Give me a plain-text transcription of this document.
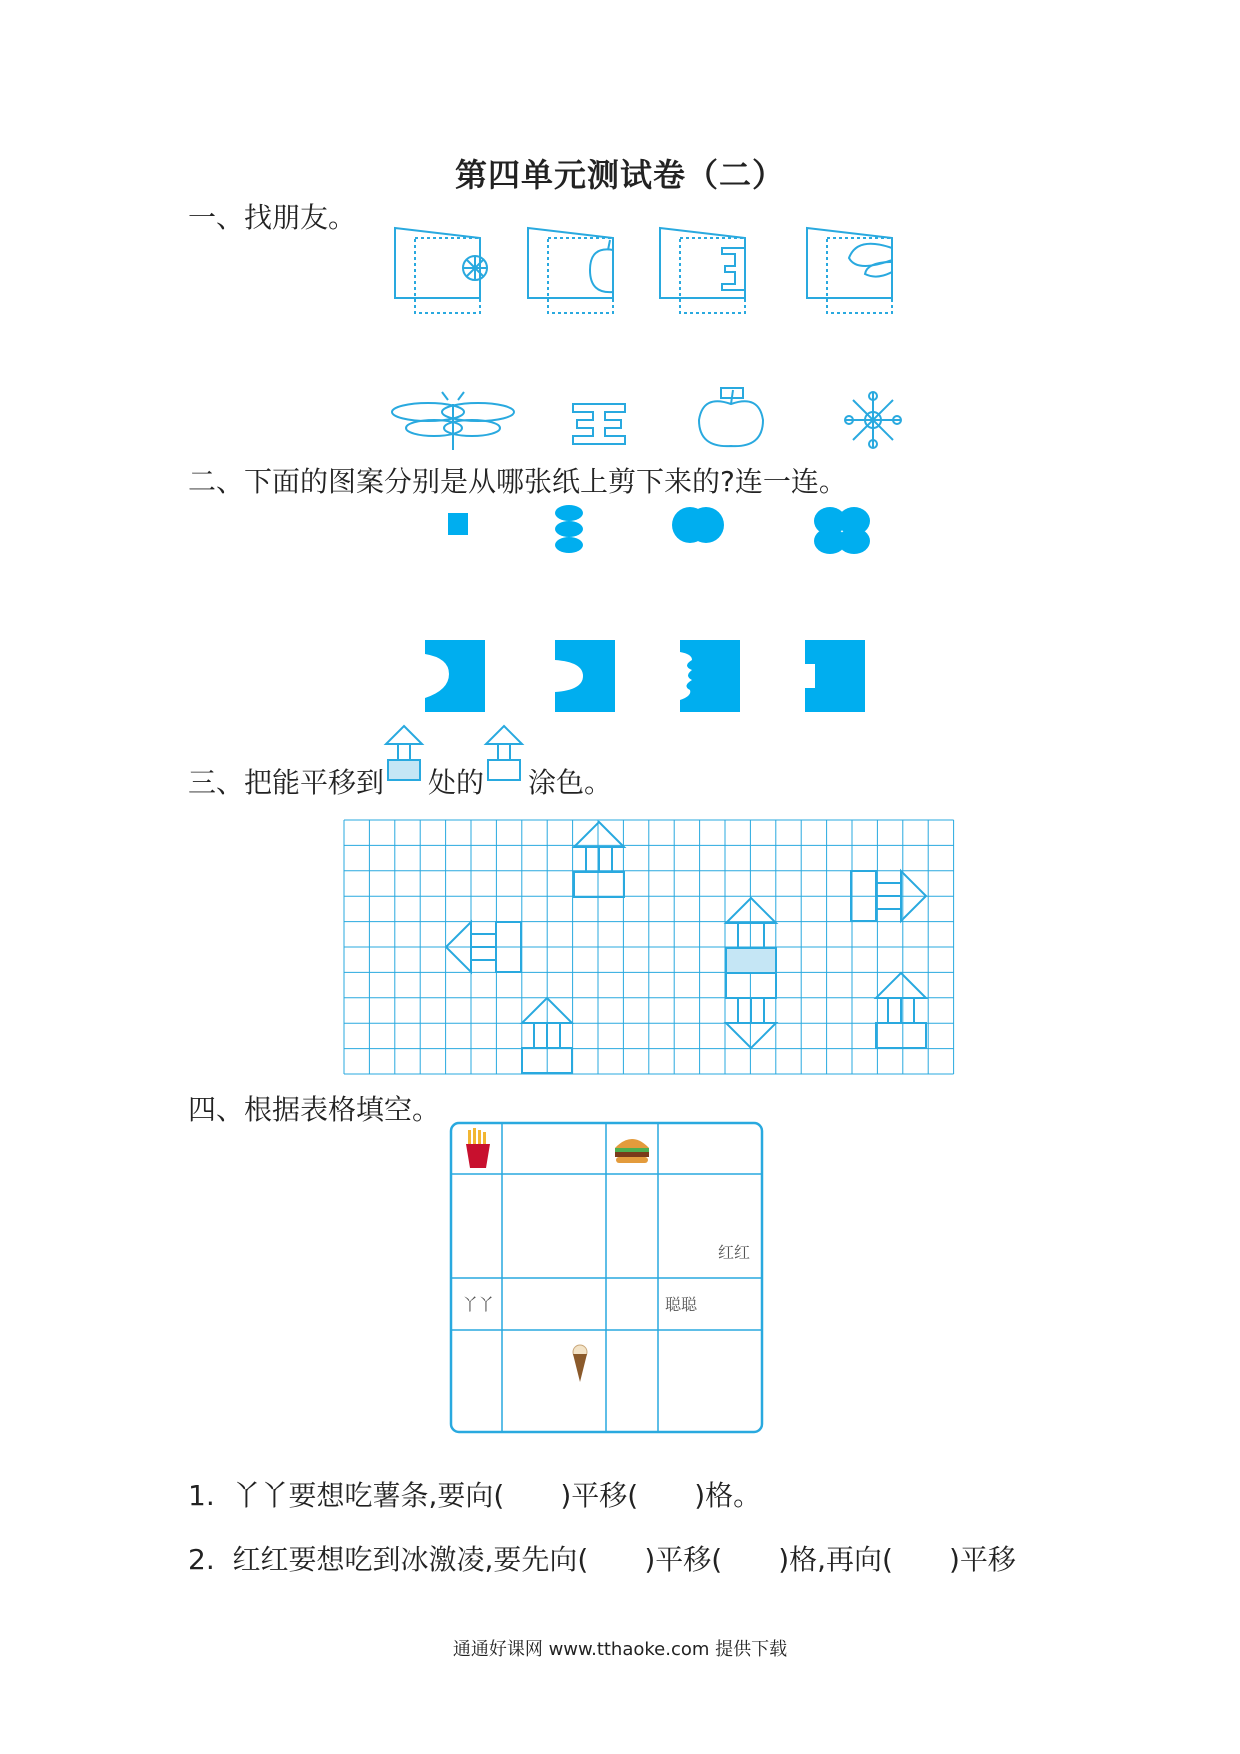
第四单元测试卷（二）
一、找朋友。
二、下面的图案分别是从哪张纸上剪下来的?连一连。
三、把能平移到 处的 涂色。
四、根据表格填空。
红红
丫丫	聪聪
1. 丫丫要想吃薯条,要向(　　)平移(　　)格。
2. 红红要想吃到冰激凌,要先向(　　)平移(　　)格,再向(　　)平移
通通好课网 www.tthaoke.com 提供下载
